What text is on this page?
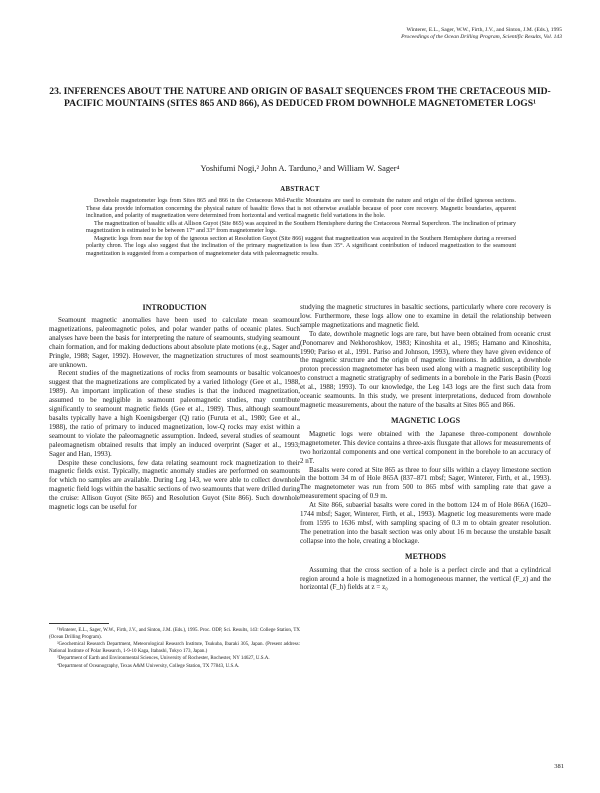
Winterer, E.L., Sager, W.W., Firth, J.V., and Sinton, J.M. (Eds.), 1995
Proceedings of the Ocean Drilling Program, Scientific Results, Vol. 143
23. INFERENCES ABOUT THE NATURE AND ORIGIN OF BASALT SEQUENCES FROM THE CRETACEOUS MID-PACIFIC MOUNTAINS (SITES 865 AND 866), AS DEDUCED FROM DOWNHOLE MAGNETOMETER LOGS¹
Yoshifumi Nogi,² John A. Tarduno,³ and William W. Sager⁴
ABSTRACT

Downhole magnetometer logs from Sites 865 and 866 in the Cretaceous Mid-Pacific Mountains are used to constrain the nature and origin of the drilled igneous sections. These data provide information concerning the physical nature of basaltic flows that is not otherwise available because of poor core recovery. Magnetic boundaries, apparent inclination, and polarity of magnetization were determined from horizontal and vertical magnetic field variations in the hole.

The magnetization of basaltic sills at Allison Guyot (Site 865) was acquired in the Southern Hemisphere during the Cretaceous Normal Superchron. The inclination of primary magnetization is estimated to be between 17° and 33° from magnetometer logs.

Magnetic logs from near the top of the igneous section at Resolution Guyot (Site 866) suggest that magnetization was acquired in the Southern Hemisphere during a reversed polarity chron. The logs also suggest that the inclination of the primary magnetization is less than 35°. A significant contribution of induced magnetization to the seamount magnetization is suggested from a comparison of magnetometer data with paleomagnetic results.

INTRODUCTION

Seamount magnetic anomalies have been used to calculate mean seamount magnetizations, paleomagnetic poles, and polar wander paths of oceanic plates. Such analyses have been the basis for interpreting the nature of seamounts, studying seamount chain formation, and for making deductions about absolute plate motions (e.g., Sager and Pringle, 1988; Sager, 1992). However, the magnetization structures of most seamounts are unknown.

Recent studies of the magnetizations of rocks from seamounts or basaltic volcanoes suggest that the magnetizations are complicated by a varied lithology (Gee et al., 1988, 1989). An important implication of these studies is that the induced magnetization, assumed to be negligible in seamount paleomagnetic studies, may contribute significantly to seamount magnetic fields (Gee et al., 1989). Thus, although seamount basalts typically have a high Koenigsberger (Q) ratio (Furuta et al., 1980; Gee et al., 1988), the ratio of primary to induced magnetization, low-Q rocks may exist within a seamount to violate the paleomagnetic assumption. Indeed, several studies of seamount paleomagnetism obtained results that imply an induced overprint (Sager et al., 1993; Sager and Han, 1993).

Despite these conclusions, few data relating seamount rock magnetization to their magnetic fields exist. Typically, magnetic anomaly studies are performed on seamounts for which no samples are available. During Leg 143, we were able to collect downhole magnetic field logs within the basaltic sections of two seamounts that were drilled during the cruise: Allison Guyot (Site 865) and Resolution Guyot (Site 866). Such downhole magnetic logs can be useful for

studying the magnetic structures in basaltic sections, particularly where core recovery is low. Furthermore, these logs allow one to examine in detail the relationship between sample magnetizations and magnetic field.

To date, downhole magnetic logs are rare, but have been obtained from oceanic crust (Ponomarev and Nekhoroshkov, 1983; Kinoshita et al., 1985; Hamano and Kinoshita, 1990; Pariso et al., 1991. Pariso and Johnson, 1993), where they have given evidence of the magnetic structure and the origin of magnetic lineations. In addition, a downhole proton precession magnetometer has been used along with a magnetic susceptibility log to construct a magnetic stratigraphy of sediments in a borehole in the Paris Basin (Pozzi et al., 1988; 1993). To our knowledge, the Leg 143 logs are the first such data from oceanic seamounts. In this study, we present interpretations, deduced from downhole magnetic measurements, about the nature of the basalts at Sites 865 and 866.

MAGNETIC LOGS

Magnetic logs were obtained with the Japanese three-component downhole magnetometer. This device contains a three-axis fluxgate that allows for measurements of two horizontal components and one vertical component in the borehole to an accuracy of 2 nT.

Basalts were cored at Site 865 as three to four sills within a clayey limestone section in the bottom 34 m of Hole 865A (837–871 mbsf; Sager, Winterer, Firth, et al., 1993). The magnetometer was run from 500 to 865 mbsf with sampling rate that gave a measurement spacing of 0.9 m.

At Site 866, subaerial basalts were cored in the bottom 124 m of Hole 866A (1620–1744 mbsf; Sager, Winterer, Firth, et al., 1993). Magnetic log measurements were made from 1595 to 1636 mbsf, with sampling spacing of 0.3 m to obtain greater resolution. The penetration into the basalt section was only about 16 m because the unstable basalt collapse into the hole, creating a blockage.

METHODS

Assuming that the cross section of a hole is a perfect circle and that a cylindrical region around a hole is magnetized in a homogeneous manner, the vertical (F_z) and the horizontal (F_h) fields at z = z₀

¹Winterer, E.L., Sager, W.W., Firth, J.V., and Sinton, J.M. (Eds.), 1995. Proc. ODP, Sci. Results, 143: College Station, TX (Ocean Drilling Program).

²Geochemical Research Department, Meteorological Research Institute, Tsukuba, Ibaraki 305, Japan. (Present address: National Institute of Polar Research, 1-9-10 Kaga, Itabashi, Tokyo 173, Japan.)

³Department of Earth and Environmental Sciences, University of Rochester, Rochester, NY 14627, U.S.A.

⁴Department of Oceanography, Texas A&M University, College Station, TX 77843, U.S.A.

381
